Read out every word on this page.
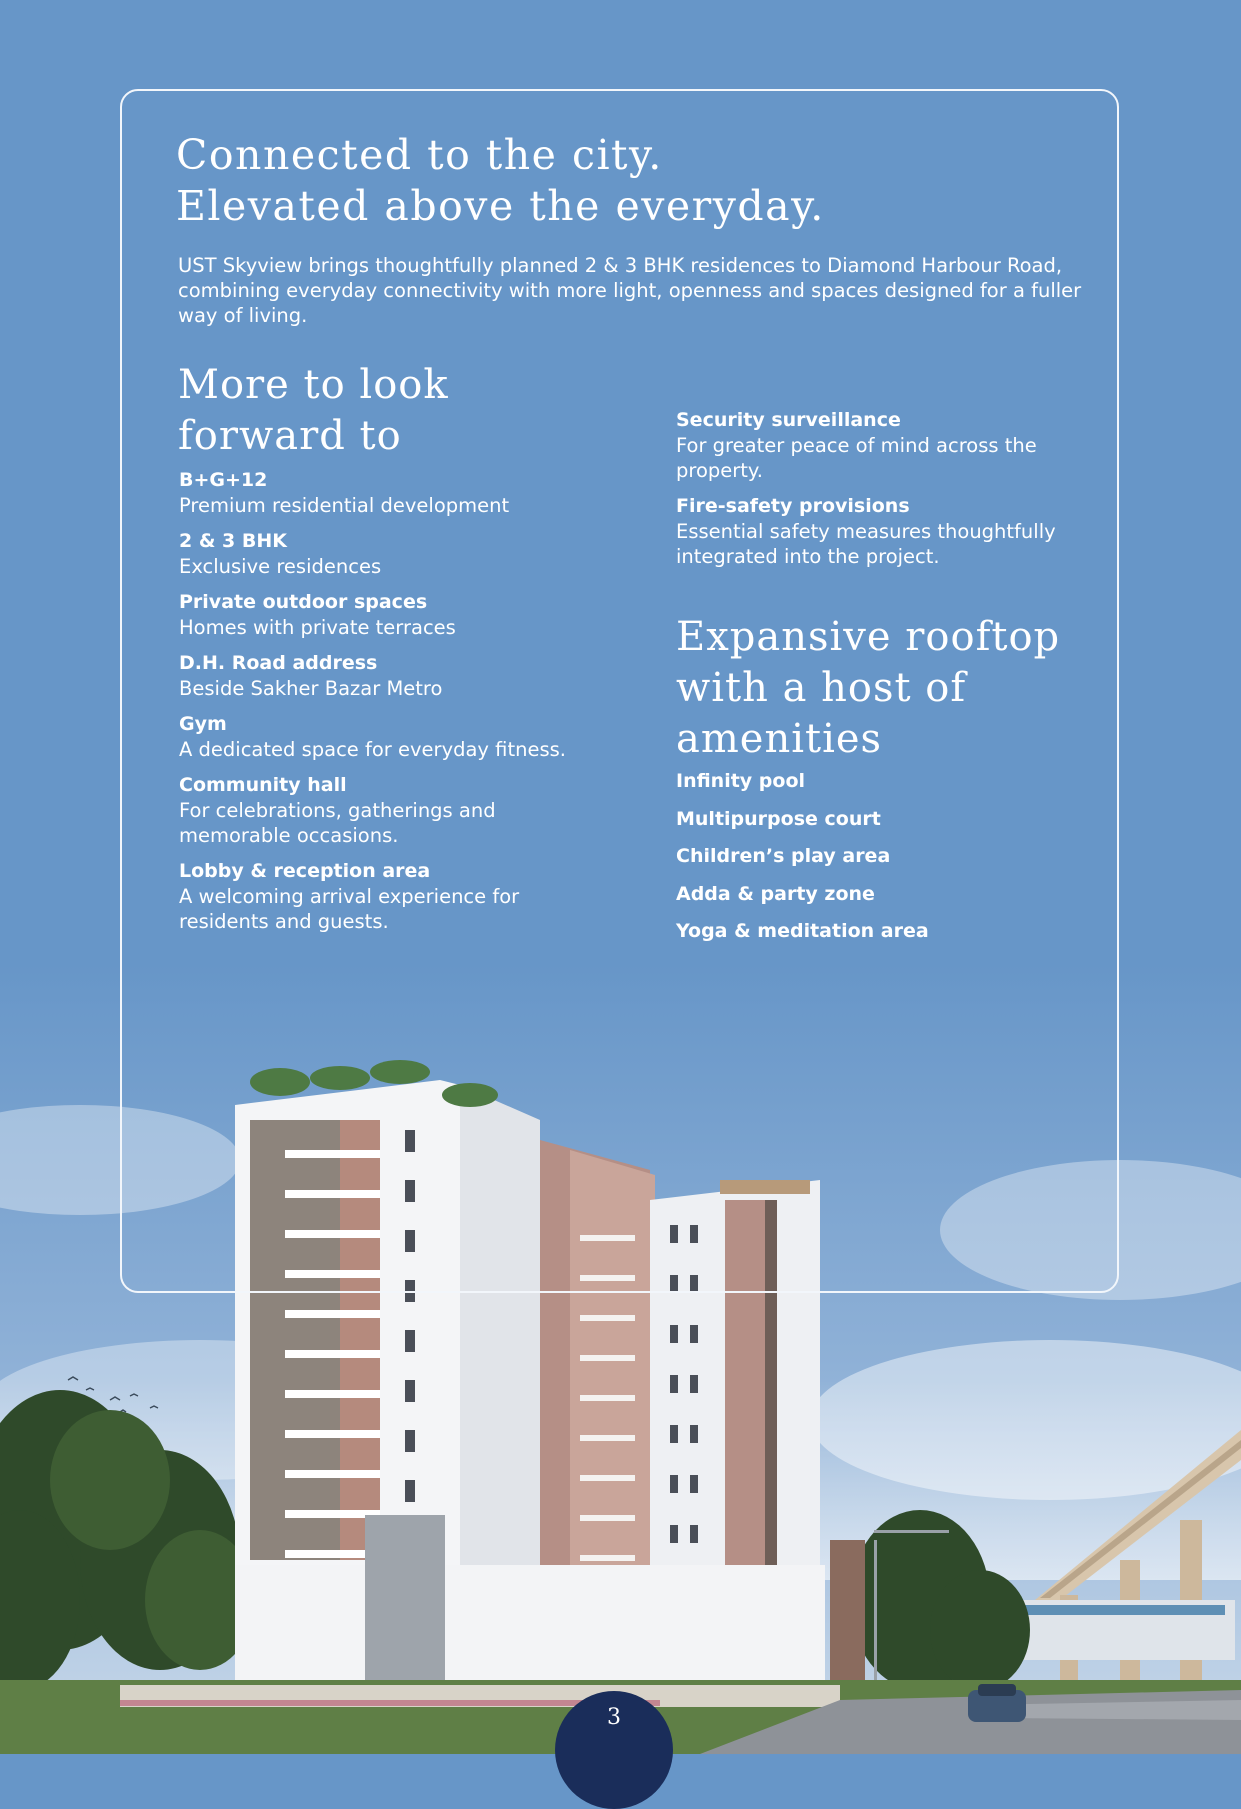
Connected to the city.
Elevated above the everyday.

UST Skyview brings thoughtfully planned 2 & 3 BHK residences to Diamond Harbour Road, combining everyday connectivity with more light, openness and spaces designed for a fuller way of living.

More to look
forward to
B+G+12
Premium residential development
2 & 3 BHK
Exclusive residences
Private outdoor spaces
Homes with private terraces
D.H. Road address
Beside Sakher Bazar Metro
Gym
A dedicated space for everyday fitness.
Community hall
For celebrations, gatherings and memorable occasions.
Lobby & reception area
A welcoming arrival experience for residents and guests.
Security surveillance
For greater peace of mind across the property.
Fire-safety provisions
Essential safety measures thoughtfully integrated into the project.
Expansive rooftop
with a host of
amenities
Infinity pool
Multipurpose court
Children’s play area
Adda & party zone
Yoga & meditation area
3
